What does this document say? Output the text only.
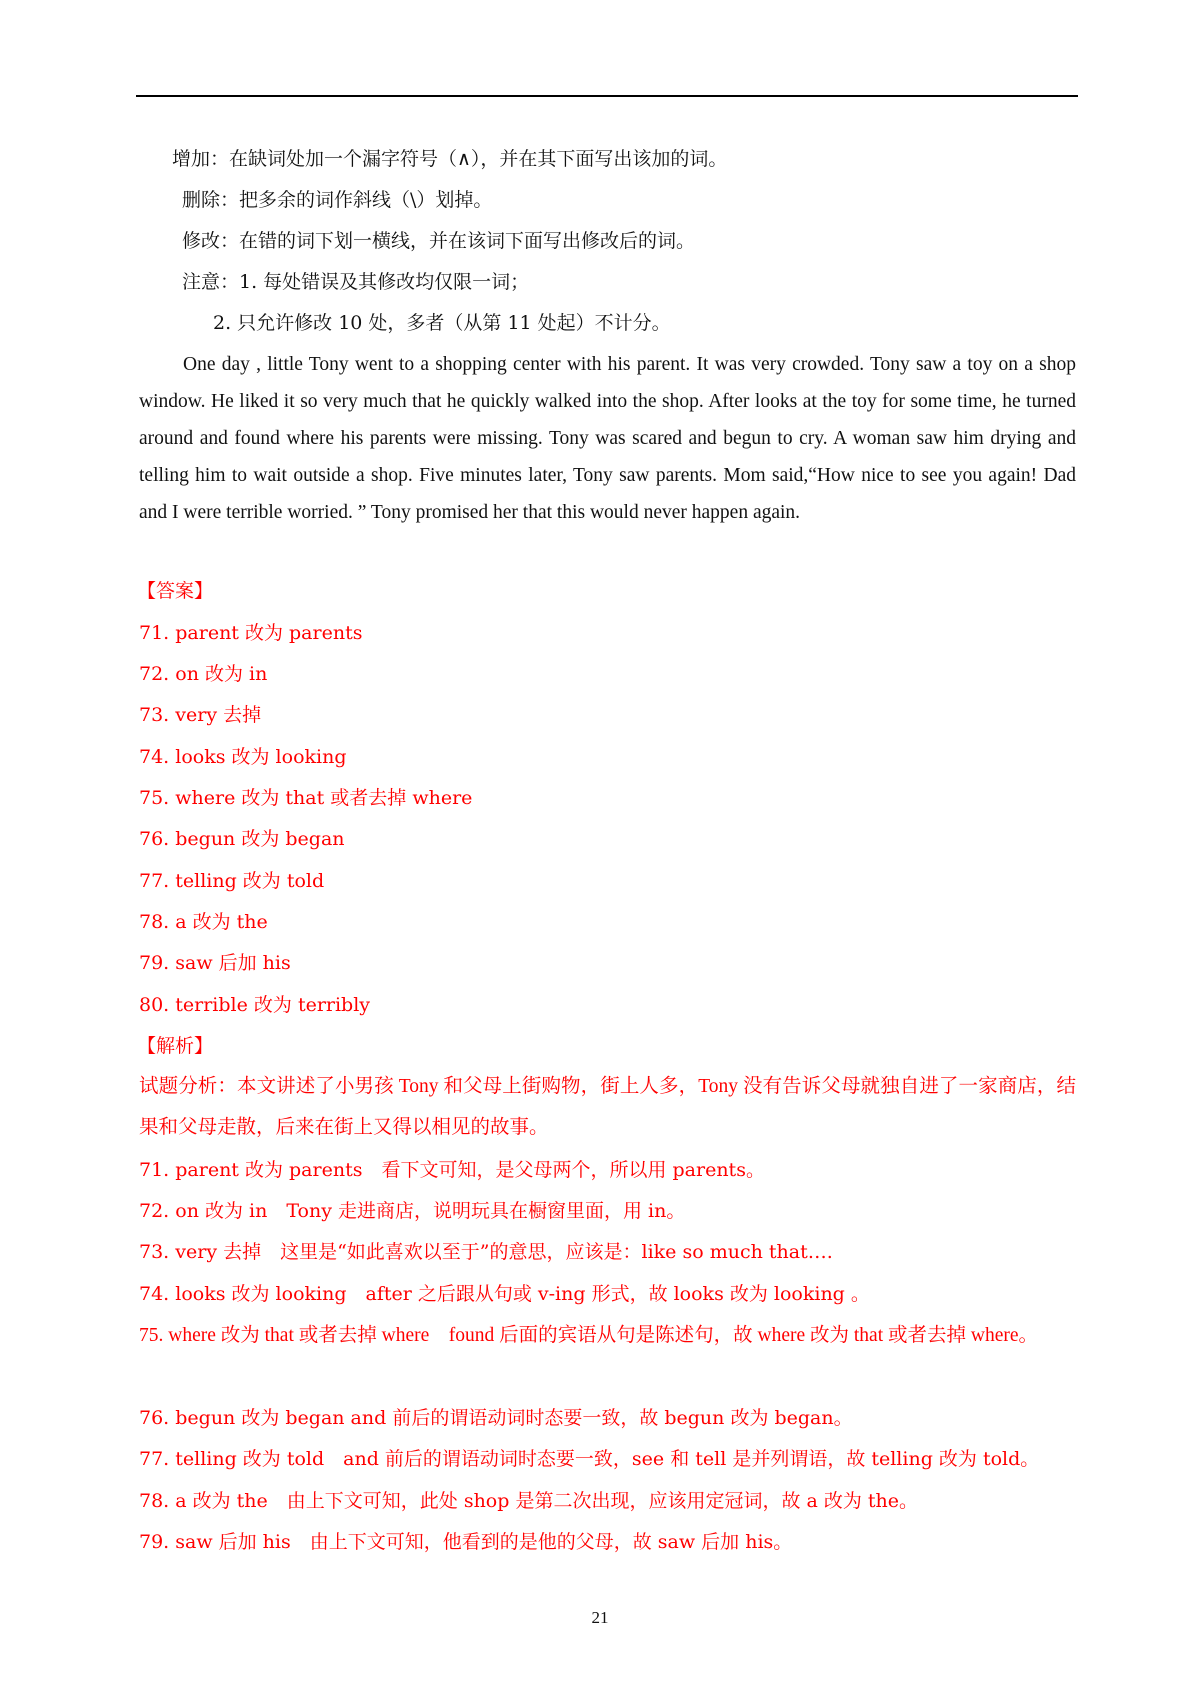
增加：在缺词处加一个漏字符号（∧），并在其下面写出该加的词。
删除：把多余的词作斜线（\）划掉。
修改：在错的词下划一横线，并在该词下面写出修改后的词。
注意：1. 每处错误及其修改均仅限一词；
2. 只允许修改 10 处，多者（从第 11 处起）不计分。
One day , little Tony went to a shopping center with his parent. It was very crowded. Tony saw a toy on a shop window. He liked it so very much that he quickly walked into the shop. After looks at the toy for some time, he turned around and found where his parents were missing. Tony was scared and begun to cry. A woman saw him drying and telling him to wait outside a shop. Five minutes later, Tony saw parents. Mom said,“How nice to see you again! Dad and I were terrible worried. ” Tony promised her that this would never happen again.
【答案】
71. parent 改为 parents
72. on 改为 in
73. very 去掉
74. looks 改为 looking
75. where 改为 that 或者去掉 where
76. begun 改为 began
77. telling 改为 told
78. a 改为 the
79. saw 后加 his
80. terrible 改为 terribly
【解析】
试题分析：本文讲述了小男孩 Tony 和父母上街购物，街上人多，Tony 没有告诉父母就独自进了一家商店，结果和父母走散，后来在街上又得以相见的故事。
71. parent 改为 parents　看下文可知，是父母两个，所以用 parents。
72. on 改为 in　Tony 走进商店，说明玩具在橱窗里面，用 in。
73. very 去掉　这里是“如此喜欢以至于”的意思，应该是：like so much that….
74. looks 改为 looking　after 之后跟从句或 v-ing 形式，故 looks 改为 looking 。
75. where 改为 that 或者去掉 where　found 后面的宾语从句是陈述句，故 where 改为 that 或者去掉 where。
76. begun 改为 began and 前后的谓语动词时态要一致，故 begun 改为 began。
77. telling 改为 told　and 前后的谓语动词时态要一致，see 和 tell 是并列谓语，故 telling 改为 told。
78. a 改为 the　由上下文可知，此处 shop 是第二次出现，应该用定冠词，故 a 改为 the。
79. saw 后加 his　由上下文可知，他看到的是他的父母，故 saw 后加 his。
21
